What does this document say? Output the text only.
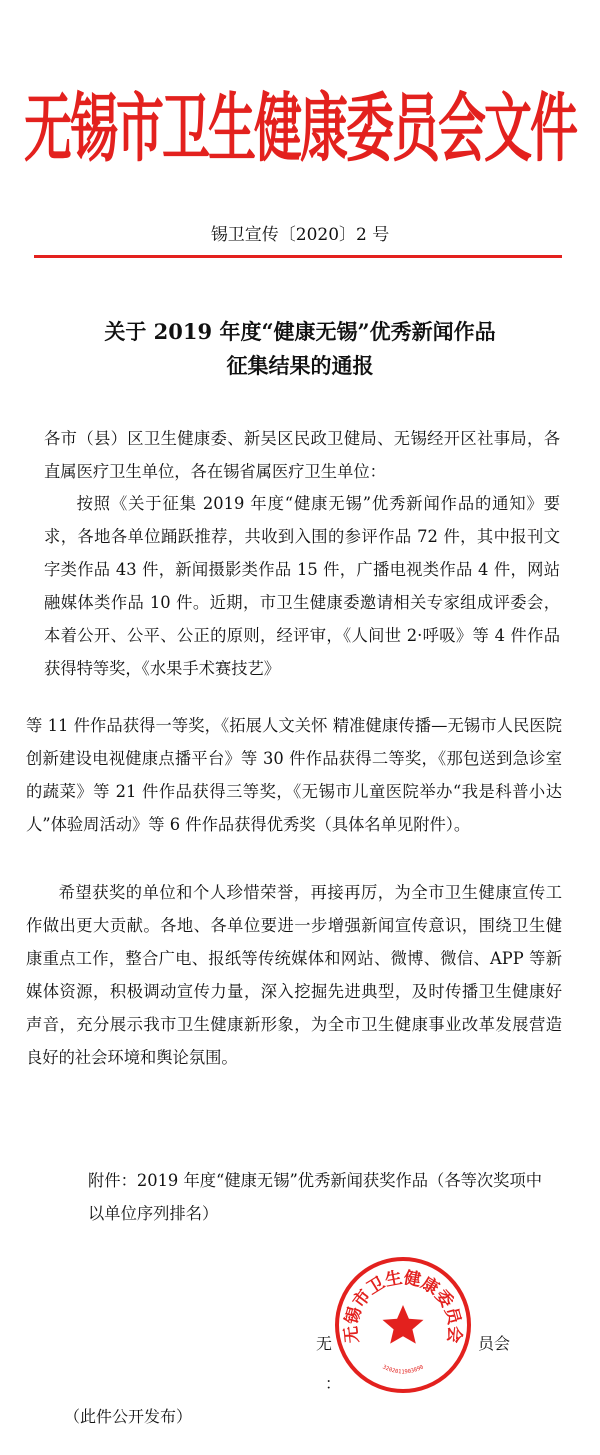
无锡市卫生健康委员会文件
锡卫宣传〔2020〕2 号
关于 2019 年度“健康无锡”优秀新闻作品
征集结果的通报
各市（县）区卫生健康委、新吴区民政卫健局、无锡经开区社事局，各直属医疗卫生单位，各在锡省属医疗卫生单位：
按照《关于征集 2019 年度“健康无锡”优秀新闻作品的通知》要求，各地各单位踊跃推荐，共收到入围的参评作品 72 件，其中报刊文字类作品 43 件，新闻摄影类作品 15 件，广播电视类作品 4 件，网站融媒体类作品 10 件。近期，市卫生健康委邀请相关专家组成评委会，本着公开、公平、公正的原则，经评审，《人间世 2·呼吸》等 4 件作品获得特等奖，《水果手术赛技艺》
等 11 件作品获得一等奖，《拓展人文关怀 精准健康传播—无锡市人民医院创新建设电视健康点播平台》等 30 件作品获得二等奖，《那包送到急诊室的蔬菜》等 21 件作品获得三等奖，《无锡市儿童医院举办“我是科普小达人”体验周活动》等 6 件作品获得优秀奖（具体名单见附件）。
希望获奖的单位和个人珍惜荣誉，再接再厉，为全市卫生健康宣传工作做出更大贡献。各地、各单位要进一步增强新闻宣传意识，围绕卫生健康重点工作，整合广电、报纸等传统媒体和网站、微博、微信、APP 等新媒体资源，积极调动宣传力量，深入挖掘先进典型，及时传播卫生健康好声音，充分展示我市卫生健康新形象，为全市卫生健康事业改革发展营造良好的社会环境和舆论氛围。
附件：2019 年度“健康无锡”优秀新闻获奖作品（各等次奖项中以单位序列排名）
无	员会
：
无锡市卫生健康委员会
3202011903890
（此件公开发布）
